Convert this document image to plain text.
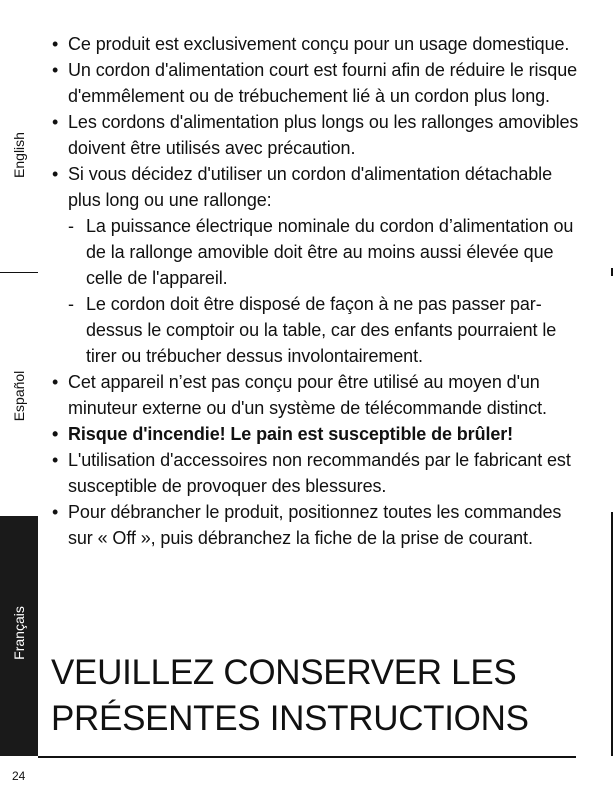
English
Español
Français
• Ce produit est exclusivement conçu pour un usage domestique.
• Un cordon d'alimentation court est fourni afin de réduire le risque d'emmêlement ou de trébuchement lié à un cordon plus long.
• Les cordons d'alimentation plus longs ou les rallonges amovibles doivent être utilisés avec précaution.
• Si vous décidez d'utiliser un cordon d'alimentation détachable plus long ou une rallonge:
- La puissance électrique nominale du cordon d’alimentation ou de la rallonge amovible doit être au moins aussi élevée que celle de l'appareil.
- Le cordon doit être disposé de façon à ne pas passer par-dessus le comptoir ou la table, car des enfants pourraient le tirer ou trébucher dessus involontairement.
• Cet appareil n’est pas conçu pour être utilisé au moyen d'un minuteur externe ou d'un système de télécommande distinct.
• Risque d'incendie! Le pain est susceptible de brûler!
• L'utilisation d'accessoires non recommandés par le fabricant est susceptible de provoquer des blessures.
• Pour débrancher le produit, positionnez toutes les commandes sur « Off », puis débranchez la fiche de la prise de courant.
VEUILLEZ CONSERVER LES
PRÉSENTES INSTRUCTIONS
24
